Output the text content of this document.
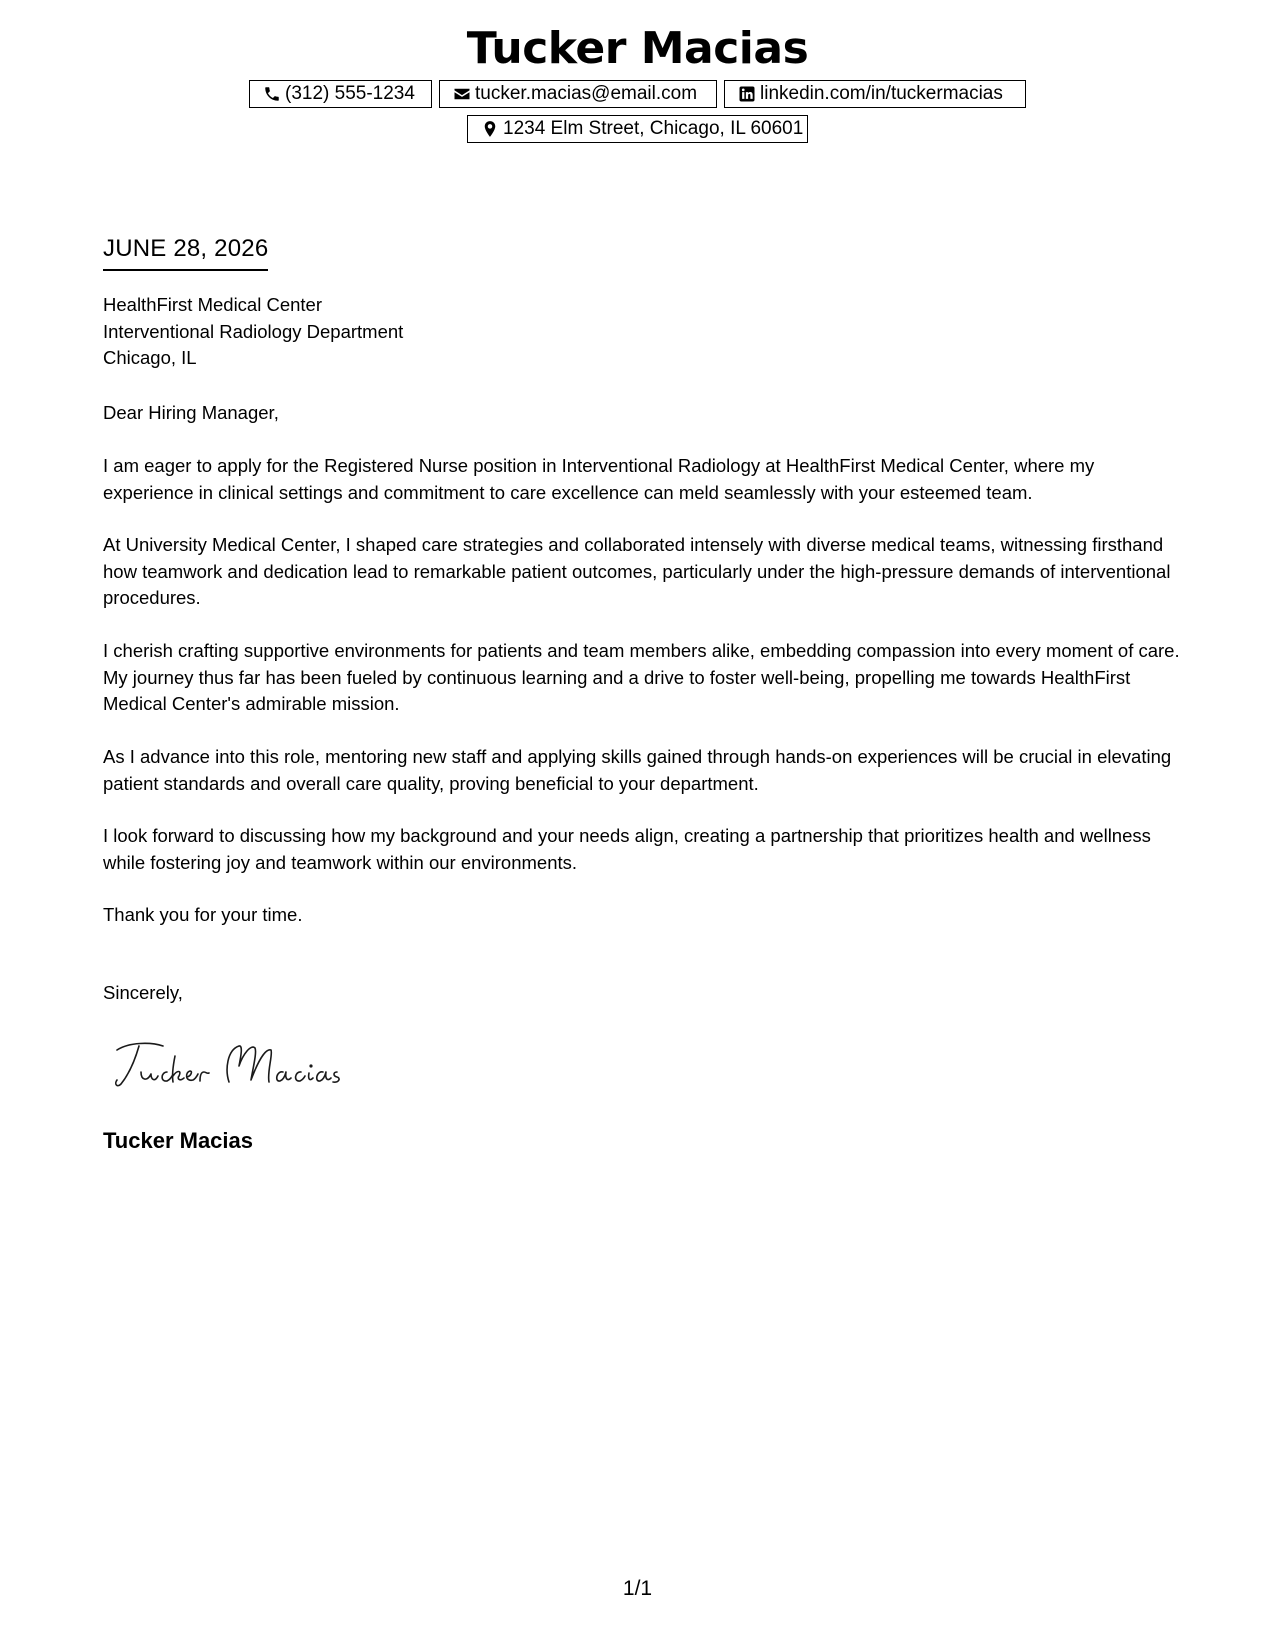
Tucker Macias
(312) 555-1234	tucker.macias@email.com	linkedin.com/in/tuckermacias
1234 Elm Street, Chicago, IL 60601
JUNE 28, 2026
HealthFirst Medical Center
Interventional Radiology Department
Chicago, IL
Dear Hiring Manager,

I am eager to apply for the Registered Nurse position in Interventional Radiology at HealthFirst Medical Center, where my experience in clinical settings and commitment to care excellence can meld seamlessly with your esteemed team.

At University Medical Center, I shaped care strategies and collaborated intensely with diverse medical teams, witnessing firsthand how teamwork and dedication lead to remarkable patient outcomes, particularly under the high-pressure demands of interventional procedures.

I cherish crafting supportive environments for patients and team members alike, embedding compassion into every moment of care. My journey thus far has been fueled by continuous learning and a drive to foster well-being, propelling me towards HealthFirst Medical Center's admirable mission.

As I advance into this role, mentoring new staff and applying skills gained through hands-on experiences will be crucial in elevating patient standards and overall care quality, proving beneficial to your department.

I look forward to discussing how my background and your needs align, creating a partnership that prioritizes health and wellness while fostering joy and teamwork within our environments.

Thank you for your time.

Sincerely,
Tucker Macias
1/1
